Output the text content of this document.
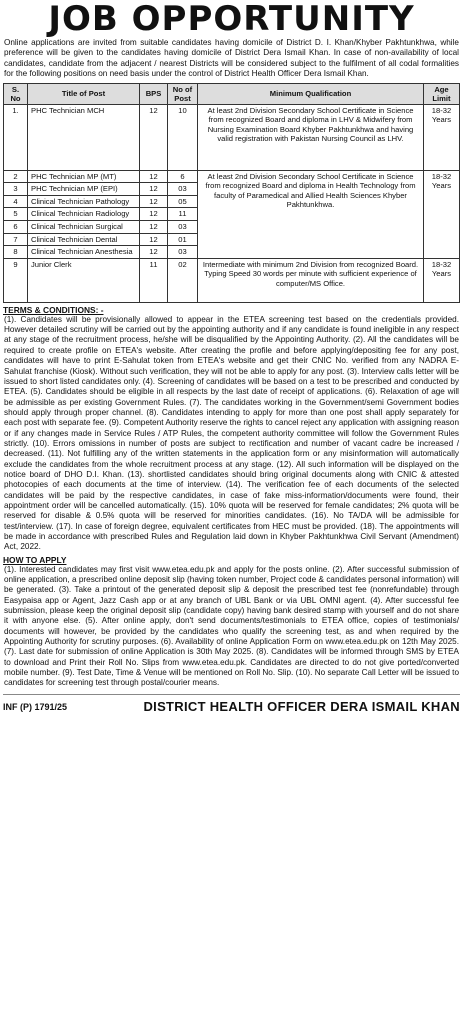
JOB OPPORTUNITY

Online applications are invited from suitable candidates having domicile of District D. I. Khan/Khyber Pakhtunkhwa, while preference will be given to the candidates having domicile of District Dera Ismail Khan. In case of non-availability of local candidates, candidate from the adjacent / nearest Districts will be considered subject to the fulfilment of all codal formalities for the following positions on need basis under the control of District Health Officer Dera Ismail Khan.

S. No	Title of Post	BPS	No of Post	Minimum Qualification	Age Limit
1.	PHC Technician MCH	12	10	At least 2nd Division Secondary School Certificate in Science from recognized Board and diploma in LHV & Midwifery from Nursing Examination Board Khyber Pakhtunkhwa and having valid registration with Pakistan Nursing Council as LHV.	18-32 Years
2	PHC Technician MP (MT)	12	6	At least 2nd Division Secondary School Certificate in Science from recognized Board and diploma in Health Technology from faculty of Paramedical and Allied Health Sciences Khyber Pakhtunkhwa.	18-32 Years
3	PHC Technician MP (EPI)	12	03		
4	Clinical Technician Pathology	12	05		
5	Clinical Technician Radiology	12	11		
6	Clinical Technician Surgical	12	03		
7	Clinical Technician Dental	12	01		
8	Clinical Technician Anesthesia	12	03		
9	Junior Clerk	11	02	Intermediate with minimum 2nd Division from recognized Board. Typing Speed 30 words per minute with sufficient experience of computer/MS Office.	18-32 Years
TERMS & CONDITIONS: -

(1). Candidates will be provisionally allowed to appear in the ETEA screening test based on the credentials provided. However detailed scrutiny will be carried out by the appointing authority and if any candidate is found ineligible in any respect at any stage of the recruitment process, he/she will be disqualified by the Appointing Authority. (2). All the candidates will be required to create profile on ETEA's website. After creating the profile and before applying/depositing fee for any post, candidates will have to print E-Sahulat token from ETEA's website and get their CNIC No. verified from any NADRA E-Sahulat franchise (Kiosk). Without such verification, they will not be able to apply for any post. (3). Interview calls letter will be issued to short listed candidates only. (4). Screening of candidates will be based on a test to be prescribed and conducted by ETEA. (5). Candidates should be eligible in all respects by the last date of receipt of applications. (6). Relaxation of age will be admissible as per existing Government Rules. (7). The candidates working in the Government/semi Government bodies should apply through proper channel. (8). Candidates intending to apply for more than one post shall apply separately for each post with separate fee. (9). Competent Authority reserve the rights to cancel reject any application with assigning reason or if any changes made in Service Rules / ATP Rules, the competent authority committee will follow the Government Rules strictly. (10). Errors omissions in number of posts are subject to rectification and number of vacant cadre be increased / decreased. (11). Not fulfilling any of the written statements in the application form or any misinformation will automatically exclude the candidates from the whole recruitment process at any stage. (12). All such information will be displayed on the notice board of DHO D.I. Khan. (13). shortlisted candidates should bring original documents along with CNIC & attested photocopies of each documents at the time of interview. (14). The verification fee of each documents of the selected candidates will be paid by the respective candidates, in case of fake miss-information/documents were found, their appointment order will be cancelled automatically. (15). 10% quota will be reserved for female candidates; 2% quota will be reserved for disable & 0.5% quota will be reserved for minorities candidates. (16). No TA/DA will be admissible for test/interview. (17). In case of foreign degree, equivalent certificates from HEC must be provided. (18). The appointments will be made in accordance with prescribed Rules and Regulation laid down in Khyber Pakhtunkhwa Civil Servant (Amendment) Act, 2022.

HOW TO APPLY

(1). Interested candidates may first visit www.etea.edu.pk and apply for the posts online. (2). After successful submission of online application, a prescribed online deposit slip (having token number, Project code & candidates personal information) will be generated. (3). Take a printout of the generated deposit slip & deposit the prescribed test fee (nonrefundable) through Easypaisa app or Agent, Jazz Cash app or at any branch of UBL Bank or via UBL OMNI agent. (4). After successful fee submission, please keep the original deposit slip (candidate copy) having bank desired stamp with yourself and do not share it with anyone else. (5). After online apply, don't send documents/testimonials to ETEA office, copies of testimonials/ documents will however, be provided by the candidates who qualify the screening test, as and when required by the Appointing Authority for scrutiny purposes. (6). Availability of online Application Form on www.etea.edu.pk on 12th May 2025. (7). Last date for submission of online Application is 30th May 2025. (8). Candidates will be informed through SMS by ETEA to download and Print their Roll No. Slips from www.etea.edu.pk. Candidates are directed to do not give ported/converted mobile number. (9). Test Date, Time & Venue will be mentioned on Roll No. Slip. (10). No separate Call Letter will be issued to candidates for screening test through postal/courier means.

INF (P) 1791/25	DISTRICT HEALTH OFFICER DERA ISMAIL KHAN
